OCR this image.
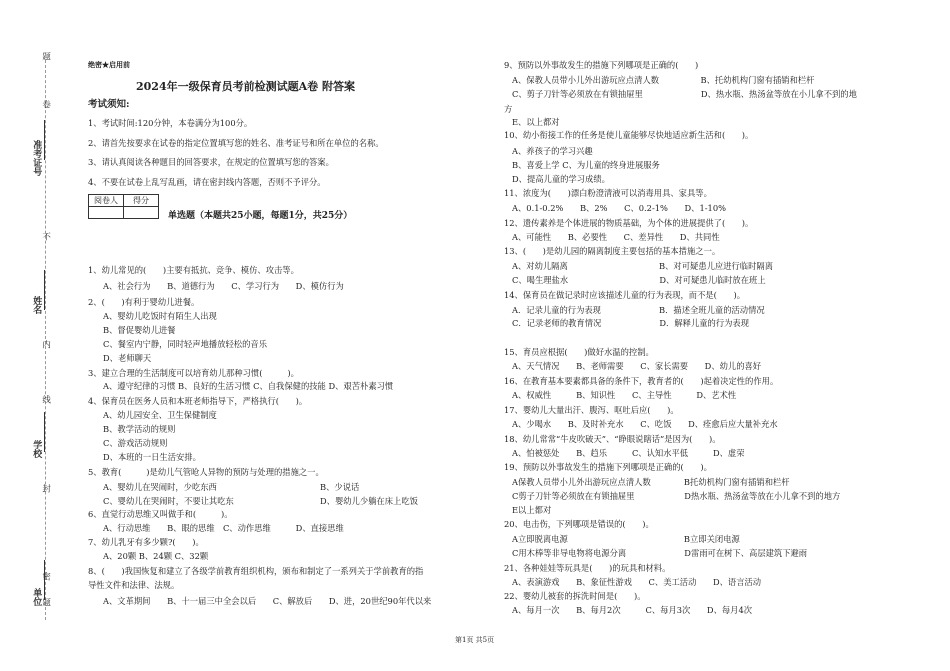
题
卷
不
内
线
封
密
题
准考证号
姓名
学校
单位
绝密★启用前
2024年一级保育员考前检测试题A卷 附答案
考试须知:
1、考试时间:120分钟，本卷满分为100分。
2、请首先按要求在试卷的指定位置填写您的姓名、准考证号和所在单位的名称。
3、请认真阅读各种题目的回答要求，在规定的位置填写您的答案。
4、不要在试卷上乱写乱画，请在密封线内答题，否则不予评分。
阅卷人	得分

单选题（本题共25小题，每题1分，共25分）
1、幼儿常见的(　　)主要有抵抗、竞争、模仿、攻击等。
A、社会行为　　B、道德行为　　C、学习行为　　D、模仿行为
2、(　　)有利于婴幼儿进餐。
A、婴幼儿吃饭时有陌生人出现
B、督促婴幼儿进餐
C、餐室内宁静，同时轻声地播放轻松的音乐
D、老师聊天
3、建立合理的生活制度可以培育幼儿那种习惯(　　　)。
A、遵守纪律的习惯 B、良好的生活习惯 C、自我保健的技能 D、艰苦朴素习惯
4、保育员在医务人员和本班老师指导下，严格执行(　　)。
A、幼儿园安全、卫生保健制度
B、教学活动的规则
C、游戏活动规则
D、本班的一日生活安排。
5、教育(　　　)是幼儿气管呛人异物的预防与处理的措施之一。
A、婴幼儿在哭闹时，少吃东西	B、少说话
C、婴幼儿在哭闹时，不要让其吃东	D、婴幼儿少躺在床上吃饭
6、直觉行动思维又叫做手和(　　　)。
A、行动思维　　B、眼的思维　C、动作思维　　　D、直接思维
7、幼儿乳牙有多少颗?(　　)。
A、20颗 B、24颗 C、32颗
8、(　　)我国恢复和建立了各级学前教育组织机构，颁布和制定了一系列关于学前教育的指
导性文件和法律、法规。
A、文革期间　　B、十一届三中全会以后　　C、解放后　　D、进，20世纪90年代以来
9、预防以外事故发生的措施下列哪项是正确的(　　)
A、保教人员带小儿外出游玩应点清人数　　　　　B、托幼机构门窗有插销和栏杆
C、剪子刀针等必须放在有锁抽屉里　　　　　　　D、热水瓶、热汤盆等放在小儿拿不到的地
方
E、以上都对
10、幼小衔接工作的任务是使儿童能够尽快地适应新生活和(　　)。
A、养孩子的学习兴趣
B、喜爱上学 C、为儿童的终身进展服务
D、提高儿童的学习成绩。
11、浓度为(　　)漂白粉澄清液可以消毒用具、家具等。
A、0.1-0.2%　　B、2%　　C、0.2-1%　　D、1-10%
12、遗传素养是个体进展的物质基础，为个体的进展提供了(　　)。
A、可能性　　B、必要性　　C、差异性　　D、共同性
13、(　　)是幼儿园的隔离制度主要包括的基本措施之一。
A、对幼儿隔离　　　　　　　　　　　B、对可疑患儿应进行临时隔离
C、喝生理盐水　　　　　　　　　　　D、对可疑患儿临时放在班上
14、保育员在做记录时应该描述儿童的行为表现，而不是(　　)。
A．记录儿童的行为表现　　　　　　　B．描述全班儿童的活动情况
C．记录老师的教育情况　　　　　　　D．解释儿童的行为表现
15、育员应根据(　　)做好水温的控制。
A、天气情况　　B、老师需要　　C、家长需要　　D、幼儿的喜好
16、在教育基本要素都具备的条件下，教育者的(　　)起着决定性的作用。
A、权威性　　　B、知识性　　C、主导性　　　D、艺术性
17、婴幼儿大量出汗、腹泻、呕吐后应(　　)。
A、少喝水　　B、及时补充水　　C、吃饭　　D、痊愈后应大量补充水
18、幼儿常常“牛皮吹破天”、“睁眼说瞎话”是因为(　　)。
A、怕被惩处　　B、趋乐　　　C、认知水平低　　　D、虚荣
19、预防以外事故发生的措施下列哪项是正确的(　　)。
A保教人员带小儿外出游玩应点清人数　　　　B托幼机构门窗有插销和栏杆
C剪子刀针等必须放在有锁抽屉里　　　　　　D热水瓶、热汤盆等放在小儿拿不到的地方
E以上都对
20、电击伤，下列哪项是错误的(　　)。
A立即脱离电源　　　　　　　　　　　　　　B立即关闭电源
C用木棒等非导电物将电源分离　　　　　　　D雷雨可在树下、高层建筑下避雨
21、各种娃娃等玩具是(　　)的玩具和材料。
A、表演游戏　　B、象征性游戏　　C、美工活动　　D、语言活动
22、婴幼儿被套的拆洗时间是(　　)。
A、每月一次　　B、每月2次　　　C、每月3次　　D、每月4次
第1页 共5页
